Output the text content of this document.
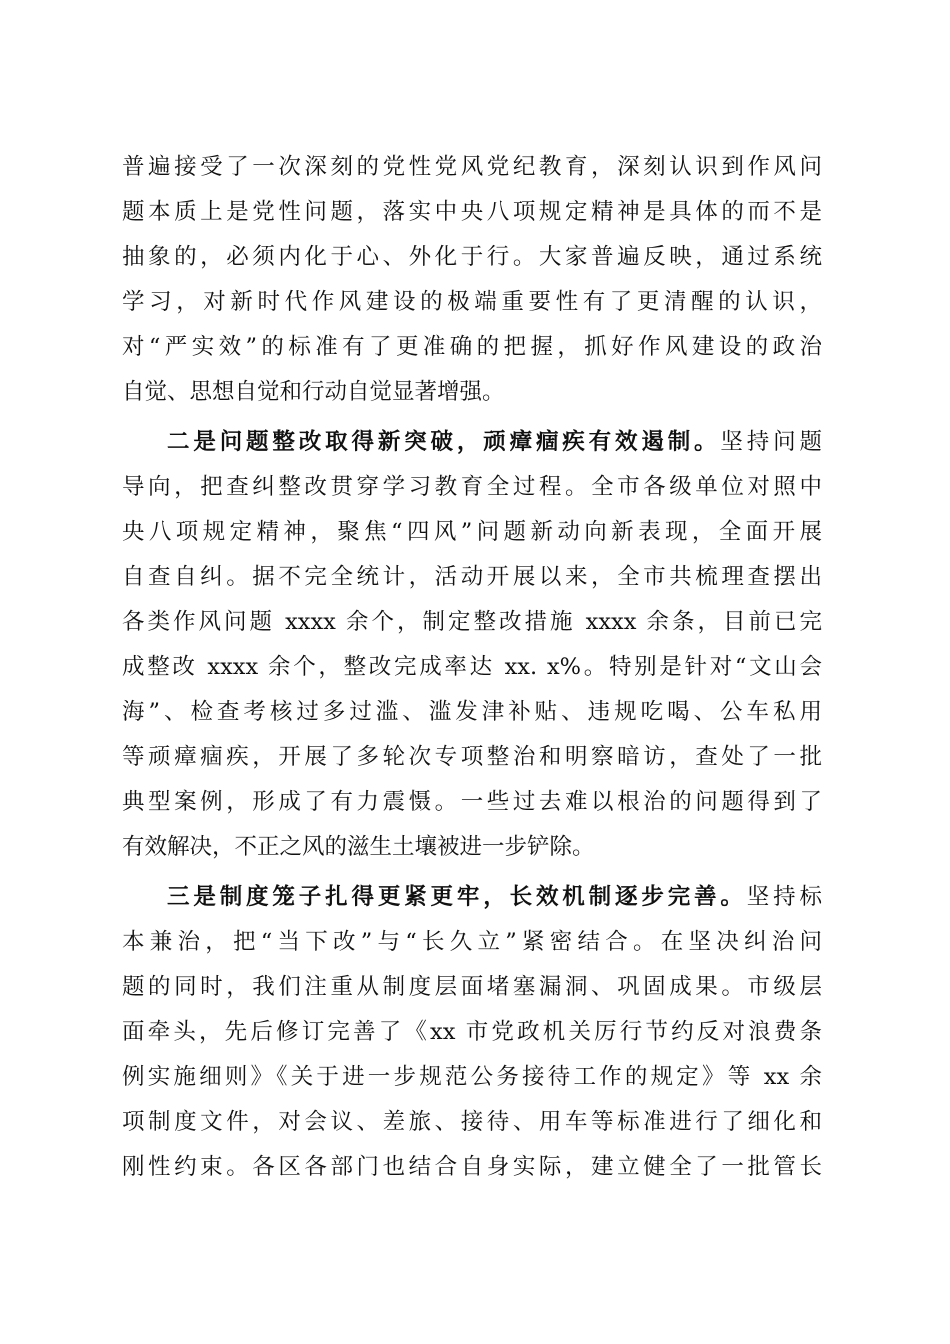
普遍接受了一次深刻的党性党风党纪教育，深刻认识到作风问
题本质上是党性问题，落实中央八项规定精神是具体的而不是
抽象的，必须内化于心、外化于行。大家普遍反映，通过系统
学习，对新时代作风建设的极端重要性有了更清醒的认识，
对“严实效”的标准有了更准确的把握，抓好作风建设的政治
自觉、思想自觉和行动自觉显著增强。
二是问题整改取得新突破，顽瘴痼疾有效遏制。坚持问题
导向，把查纠整改贯穿学习教育全过程。全市各级单位对照中
央八项规定精神，聚焦“四风”问题新动向新表现，全面开展
自查自纠。据不完全统计，活动开展以来，全市共梳理查摆出
各类作风问题 xxxx 余个，制定整改措施 xxxx 余条，目前已完
成整改 xxxx 余个，整改完成率达 xx. x%。特别是针对“文山会
海”、检查考核过多过滥、滥发津补贴、违规吃喝、公车私用
等顽瘴痼疾，开展了多轮次专项整治和明察暗访，查处了一批
典型案例，形成了有力震慑。一些过去难以根治的问题得到了
有效解决，不正之风的滋生土壤被进一步铲除。
三是制度笼子扎得更紧更牢，长效机制逐步完善。坚持标
本兼治，把“当下改”与“长久立”紧密结合。在坚决纠治问
题的同时，我们注重从制度层面堵塞漏洞、巩固成果。市级层
面牵头，先后修订完善了《xx 市党政机关厉行节约反对浪费条
例实施细则》《关于进一步规范公务接待工作的规定》等 xx 余
项制度文件，对会议、差旅、接待、用车等标准进行了细化和
刚性约束。各区各部门也结合自身实际，建立健全了一批管长
